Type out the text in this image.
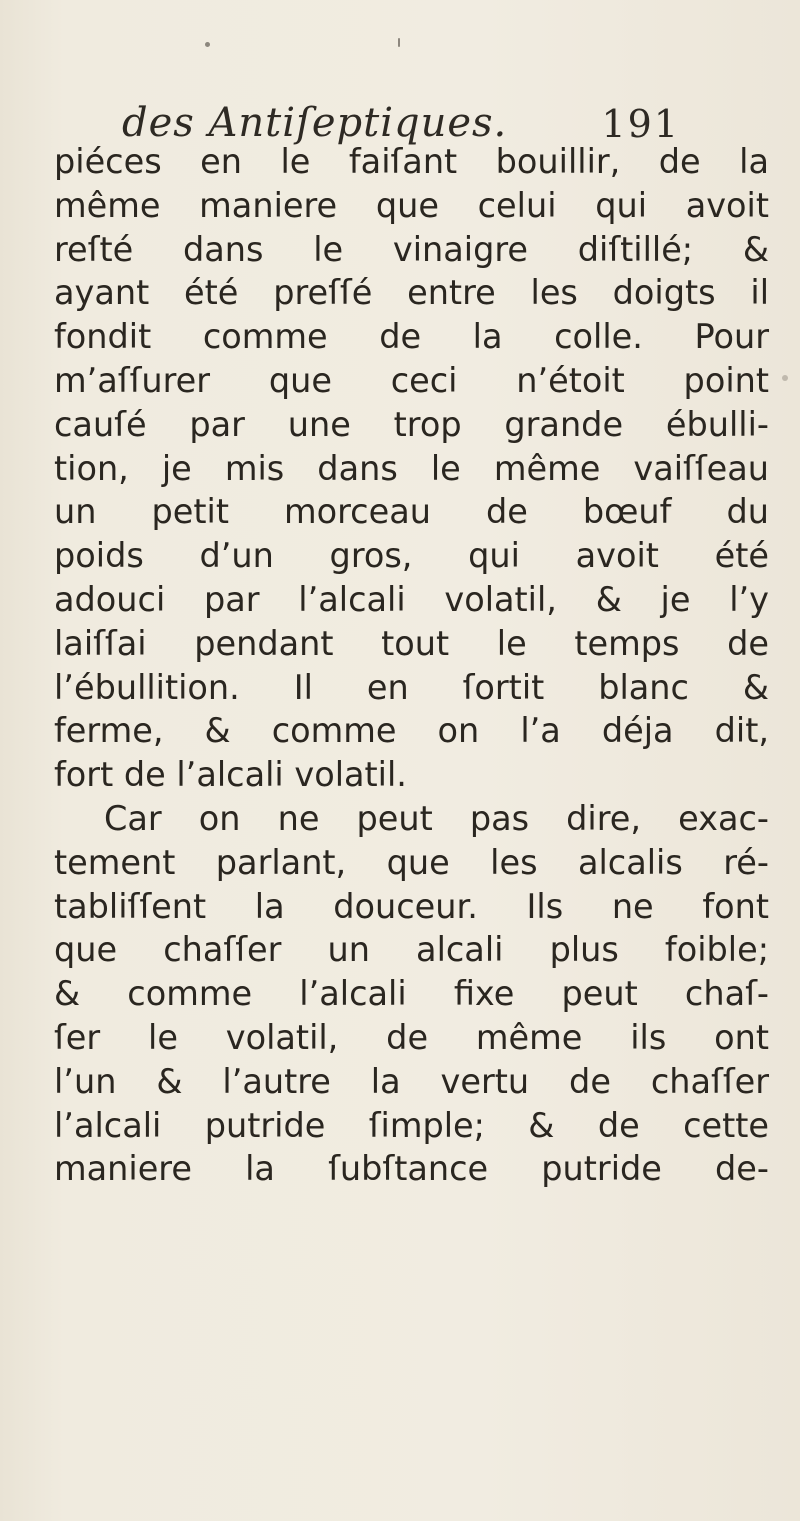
des Antiſeptiques. 191
piéces en le faiſant bouillir, de la
même maniere que celui qui avoit
reſté dans le vinaigre diſtillé; &
ayant été preſſé entre les doigts il
fondit comme de la colle. Pour
m’aſſurer que ceci n’étoit point
cauſé par une trop grande ébulli-
tion, je mis dans le même vaiſſeau
un petit morceau de bœuf du
poids d’un gros, qui avoit été
adouci par l’alcali volatil, & je l’y
laiſſai pendant tout le temps de
l’ébullition. Il en ſortit blanc &
ferme, & comme on l’a déja dit,
fort de l’alcali volatil.
Car on ne peut pas dire, exac-
tement parlant, que les alcalis ré-
tabliſſent la douceur. Ils ne font
que chaſſer un alcali plus foible;
& comme l’alcali fixe peut chaſ-
ſer le volatil, de même ils ont
l’un & l’autre la vertu de chaſſer
l’alcali putride ſimple; & de cette
maniere la ſubſtance putride de-
